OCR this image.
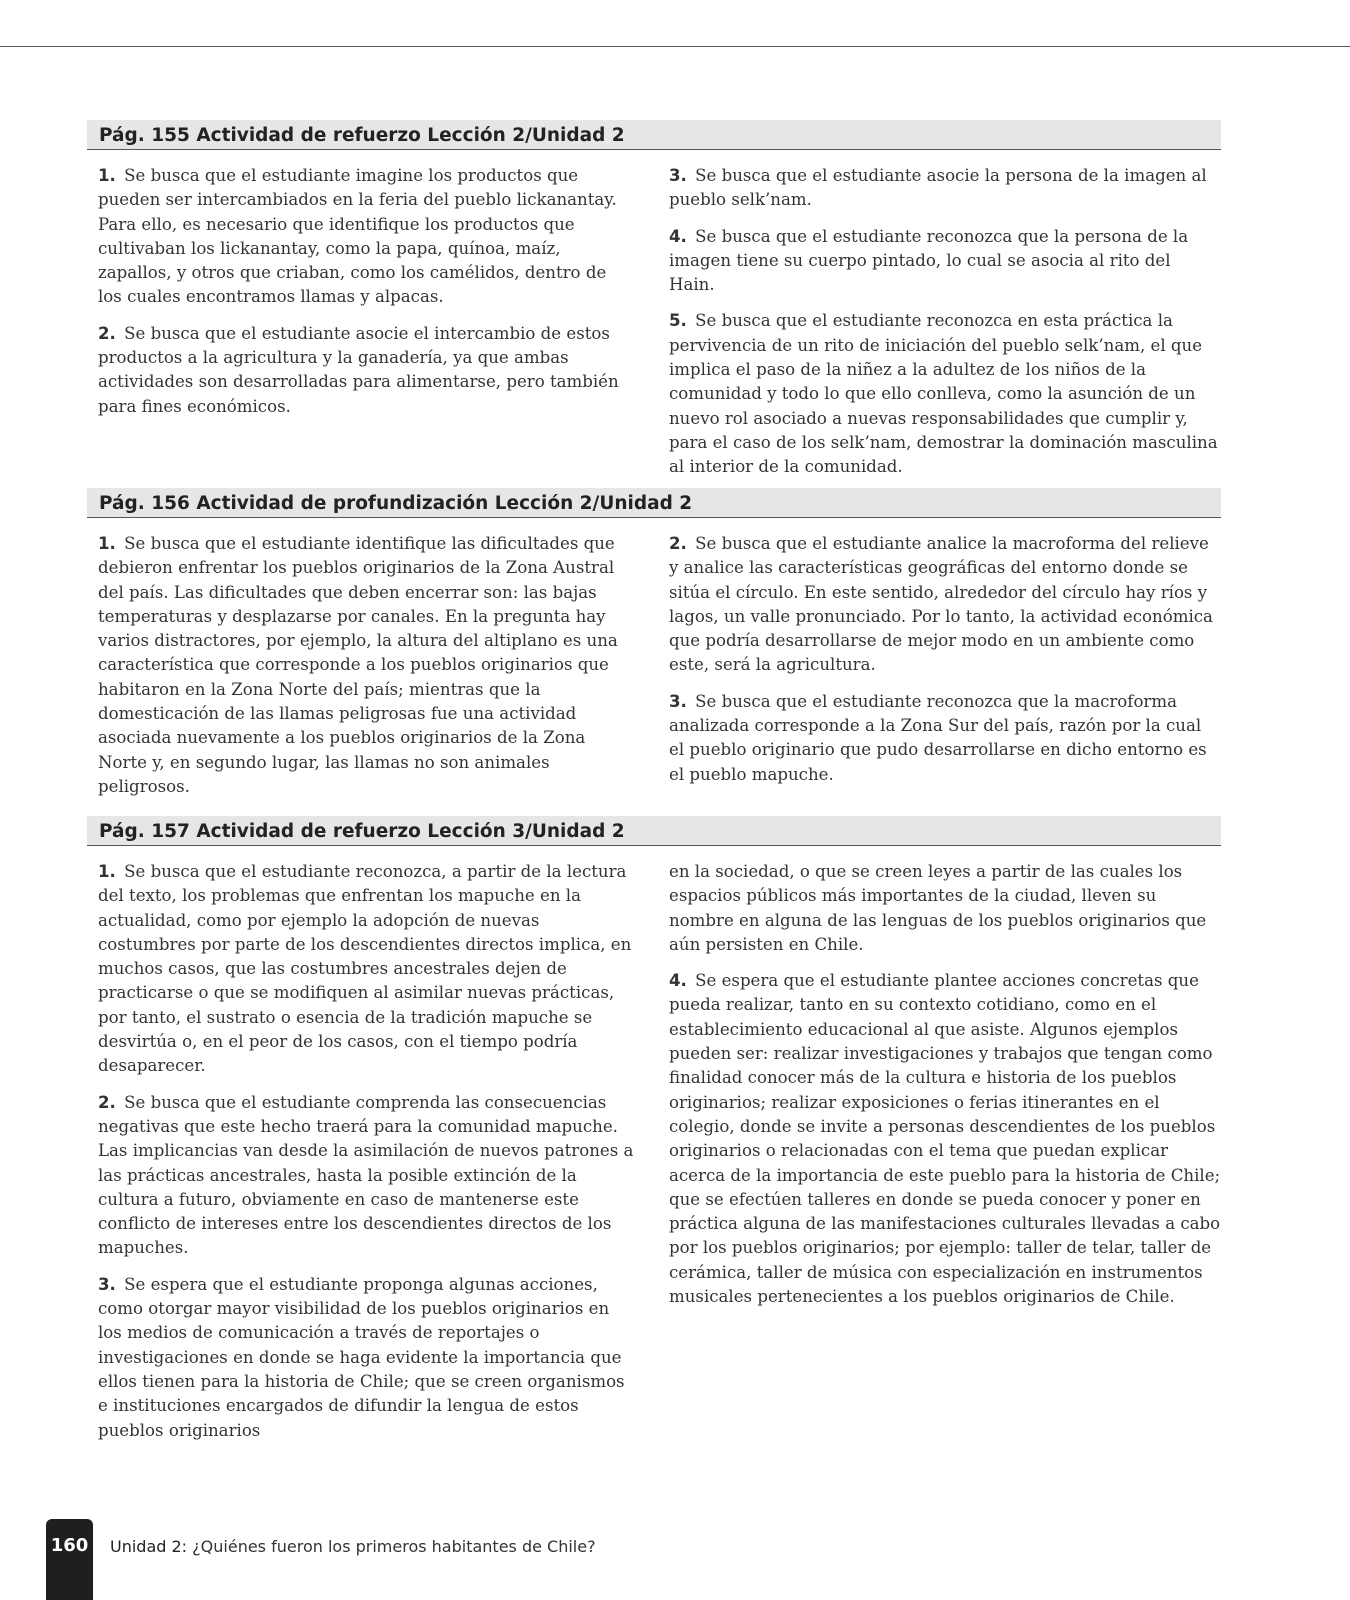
Pág. 155 Actividad de refuerzo Lección 2/Unidad 2

1. Se busca que el estudiante imagine los productos que pueden ser intercambiados en la feria del pueblo lickanantay. Para ello, es necesario que identifique los productos que cultivaban los lickanantay, como la papa, quínoa, maíz, zapallos, y otros que criaban, como los camélidos, dentro de los cuales encontramos llamas y alpacas.

2. Se busca que el estudiante asocie el intercambio de estos productos a la agricultura y la ganadería, ya que ambas actividades son desarrolladas para alimentarse, pero también para fines económicos.

3. Se busca que el estudiante asocie la persona de la imagen al pueblo selk’nam.

4. Se busca que el estudiante reconozca que la persona de la imagen tiene su cuerpo pintado, lo cual se asocia al rito del Hain.

5. Se busca que el estudiante reconozca en esta práctica la pervivencia de un rito de iniciación del pueblo selk’nam, el que implica el paso de la niñez a la adultez de los niños de la comunidad y todo lo que ello conlleva, como la asunción de un nuevo rol asociado a nuevas responsabilidades que cumplir y, para el caso de los selk’nam, demostrar la dominación masculina al interior de la comunidad.

Pág. 156 Actividad de profundización Lección 2/Unidad 2

1. Se busca que el estudiante identifique las dificultades que debieron enfrentar los pueblos originarios de la Zona Austral del país. Las dificultades que deben encerrar son: las bajas temperaturas y desplazarse por canales. En la pregunta hay varios distractores, por ejemplo, la altura del altiplano es una característica que corresponde a los pueblos originarios que habitaron en la Zona Norte del país; mientras que la domesticación de las llamas peligrosas fue una actividad asociada nuevamente a los pueblos originarios de la Zona Norte y, en segundo lugar, las llamas no son animales peligrosos.

2. Se busca que el estudiante analice la macroforma del relieve y analice las características geográficas del entorno donde se sitúa el círculo. En este sentido, alrededor del círculo hay ríos y lagos, un valle pronunciado. Por lo tanto, la actividad económica que podría desarrollarse de mejor modo en un ambiente como este, será la agricultura.

3. Se busca que el estudiante reconozca que la macroforma analizada corresponde a la Zona Sur del país, razón por la cual el pueblo originario que pudo desarrollarse en dicho entorno es el pueblo mapuche.

Pág. 157 Actividad de refuerzo Lección 3/Unidad 2

1. Se busca que el estudiante reconozca, a partir de la lectura del texto, los problemas que enfrentan los mapuche en la actualidad, como por ejemplo la adopción de nuevas costumbres por parte de los descendientes directos implica, en muchos casos, que las costumbres ancestrales dejen de practicarse o que se modifiquen al asimilar nuevas prácticas, por tanto, el sustrato o esencia de la tradición mapuche se desvirtúa o, en el peor de los casos, con el tiempo podría desaparecer.

2. Se busca que el estudiante comprenda las consecuencias negativas que este hecho traerá para la comunidad mapuche. Las implicancias van desde la asimilación de nuevos patrones a las prácticas ancestrales, hasta la posible extinción de la cultura a futuro, obviamente en caso de mantenerse este conflicto de intereses entre los descendientes directos de los mapuches.

3. Se espera que el estudiante proponga algunas acciones, como otorgar mayor visibilidad de los pueblos originarios en los medios de comunicación a través de reportajes o investigaciones en donde se haga evidente la importancia que ellos tienen para la historia de Chile; que se creen organismos e instituciones encargados de difundir la lengua de estos pueblos originarios

en la sociedad, o que se creen leyes a partir de las cuales los espacios públicos más importantes de la ciudad, lleven su nombre en alguna de las lenguas de los pueblos originarios que aún persisten en Chile.

4. Se espera que el estudiante plantee acciones concretas que pueda realizar, tanto en su contexto cotidiano, como en el establecimiento educacional al que asiste. Algunos ejemplos pueden ser: realizar investigaciones y trabajos que tengan como finalidad conocer más de la cultura e historia de los pueblos originarios; realizar exposiciones o ferias itinerantes en el colegio, donde se invite a personas descendientes de los pueblos originarios o relacionadas con el tema que puedan explicar acerca de la importancia de este pueblo para la historia de Chile; que se efectúen talleres en donde se pueda conocer y poner en práctica alguna de las manifestaciones culturales llevadas a cabo por los pueblos originarios; por ejemplo: taller de telar, taller de cerámica, taller de música con especialización en instrumentos musicales pertenecientes a los pueblos originarios de Chile.

160 Unidad 2: ¿Quiénes fueron los primeros habitantes de Chile?
